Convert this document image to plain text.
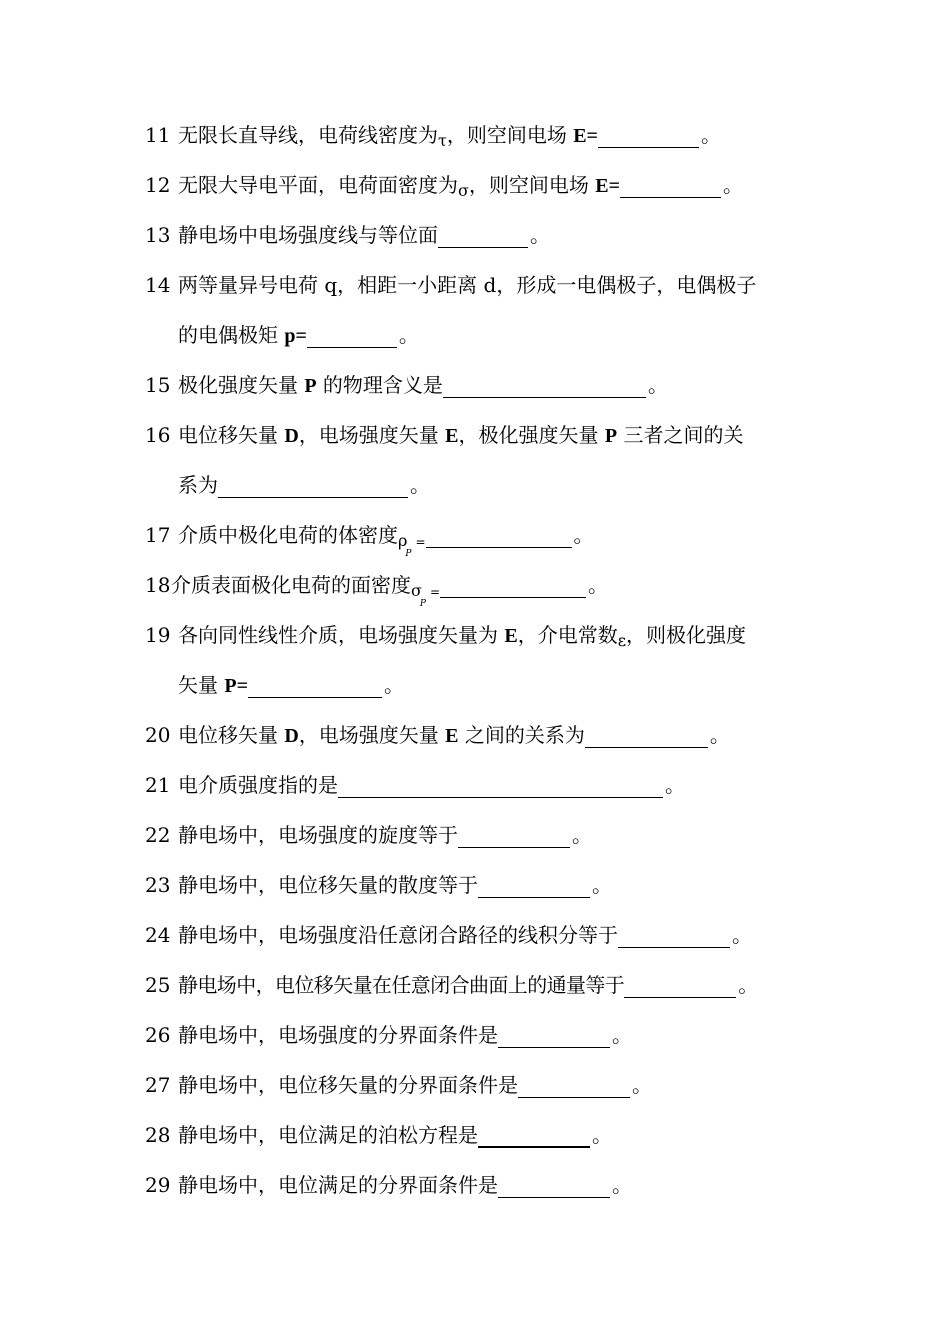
11 无限长直导线，电荷线密度为$_\tau$，则空间电场 E=	。
12 无限大导电平面，电荷面密度为$_\sigma$，则空间电场 E=	。
13 静电场中电场强度线与等位面	。
14 两等量异号电荷 q，相距一小距离 d，形成一电偶极子，电偶极子
的电偶极矩 p=	。
15 极化强度矢量 P 的物理含义是	。
16 电位移矢量 D，电场强度矢量 E，极化强度矢量 P 三者之间的关
系为	。
17 介质中极化电荷的体密度$_{\rho P=}$	。
18介质表面极化电荷的面密度$_{\sigma P=}$	。
19 各向同性线性介质，电场强度矢量为 E，介电常数$_\varepsilon$，则极化强度
矢量 P=	。
20 电位移矢量 D，电场强度矢量 E 之间的关系为	。
21 电介质强度指的是	。
22 静电场中，电场强度的旋度等于	。
23 静电场中，电位移矢量的散度等于	。
24 静电场中，电场强度沿任意闭合路径的线积分等于	。
25 静电场中，电位移矢量在任意闭合曲面上的通量等于	。
26 静电场中，电场强度的分界面条件是	。
27 静电场中，电位移矢量的分界面条件是	。
28 静电场中，电位满足的泊松方程是	。
29 静电场中，电位满足的分界面条件是	。
